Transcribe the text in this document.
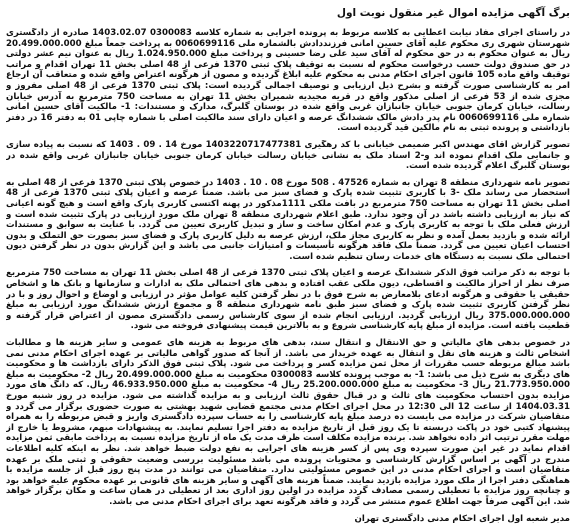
برگ آگهی مزایده اموال غیر منقول نوبت اول

در راستای اجرای مفاد نیابت اعطایی به کلاسه مربوط به پرونده اجرایی به شماره کلاسه 0300083 1403.02.07 صادره از دادگستری شهرستان شهری ری محکوم علیه آقای حسین امانی فرزنددادش بالشماره ملی 0060699116 به پرداخت جمعاً مبلغ 20.499.000.000 ریال به عنوان محکوم به در حق محکوم له آقای سید علی رضا حسینی و پرداخت مبلغ 1.024.950.000 ریال به عنوان نیم عشر دولتی در حق صندوق دولت حسب درخواست محکوم له نسبت به توقیف پلاک ثبتی 1370 فرعی از 48 اصلی بخش 11 تهران اقدام و مراتب توقیف واقع ماده 105 قانون اجرای احکام مدنی به محکوم علیه ابلاغ گردیده و مصون از هرگونه اعتراض واقع شده و متعاقب آن ارجاع امر به کارشناسی صورت گرفته و بشرح ذیل ارزیابی و توصیف اجمالی گردیده است: پلاک ثبتی 1370 فرعی از 48 اصلی مفروز و مجزی شده از 53 فرعی از اصلی مذکور واقع در قریه مجیدیه شمیران بخش 11 تهران به مساحت 750 مترمربع به آدرس خیابان رسالت، خیابان کرمان جنوبی خیابان جانبازان غربی واقع شده در بوستان گلبرگ، مدارک و مستندات: 1- مالکیت آقای حسین امانی شماره ملی 0060699116 نام پدر دادش مالک ششدانگ عرصه و اعیان دارای سند مالکیت اصلی با شماره چاپی 01 به دفتر 16 در دفتر بازداشتی و پرونده ثبتی به نام مالکین قید گردیده است.

تصویر گزارش آقای مهندس اکبر ضمیمی خیابانی با کد رهگیری 1403220717477381 مورخ 14 . 09 . 1403 که نسبت به پیاده سازی و جانمایی ملک اقدام نموده اند و-2 اسناد ملک به نشانی خیابان رسالت خیابان کرمان جنوبی خیابان جانبازان غربی واقع شده در بوستان گلبرگ اعلام گردیده شده است.

تصویر نامه شهرداری منطقه 8 تهران به شماره 47526 . 508 مورخ 08 . 10 . 1403 در خصوص پلاک ثبتی 1370 فرعی از 48 اصلی به استحضار می رساند ملک -3 با کاربری تثبیت شده پارک و فضای سبز می باشد. ضمناً عرصه و اعیان پلاک ثبتی 1370 فرعی از 48 اصلی بخش 11 تهران به مساحت 750 مترمربع در بافت ملکی 1111مذکور در پهنه اکتسی کاربری پارک واقع است و هیچ گونه اعیانی که نیاز به ارزیابی داشته باشد در آن وجود ندارد. طبق اعلام شهرداری منطقه 8 تهران ملک مورد ارزیابی در پارک تثبیت شده است و ارزش فعلی ملک با توجه به کاربری پارک و عدم امکان ساخت و ساز و تبدیل کاربری تعیین می گردد. با عنایت به سوابق و مستندات ارائه شده و بازدید بعمل آمده و نظر به کاربری مجاز ملک، ارزش عرصه به دلیل کاربری پارک و فضای سبز بصورت حق التملک و بدون احتساب اعیان تعیین می گردد. ضمناً ملک فاقد هرگونه تأسیسات و امتیازات جانبی می باشد و این گزارش بدون در نظر گرفتن دیون احتمالی ملک نسبت به دستگاه های خدمات رسان تنظیم شده است.

با توجه به ذکر مراتب فوق الذکر ششدانگ عرصه و اعیان پلاک ثبتی 1370 فرعی از 48 اصلی بخش 11 تهران به مساحت 750 مترمربع صرف نظر از احراز مالکیت و اقساطی، دیون ملکی عقب افتاده و بدهی های احتمالی ملک به ادارات و سازمانها و بانک ها و اشخاص حقیقی یا حقوقی و هرگونه ادعای بلامعارض به شرح فوق با در نظر گرفتن کلیه عوامل مؤثر در ارزیابی و اوضاع و احوال روز و با در نظر گرفتن کاربری تثبیت شده پارک و فضای سبز طبق نامه شهرداری منطقه 8 و مجموع ارزش ششدانگ مورد ارزیابی به مبلغ 375.000.000.000 ریال ارزیابی گردید. ارزیابی انجام شده از سوی کارشناس رسمی دادگستری مصون از اعتراض قرار گرفته و قطعیت یافته است. مزایده از مبلغ پایه کارشناسی شروع و به بالاترین قیمت پیشنهادی فروخته می شود.

در خصوص بدهی هاي مالیاتي و حق الانتقال و انتقال سند، بدهی های مربوط به هزینه های عمومی و سایر هزینه ها و مطالبات اشخاص ثالث و هزینه های نقل و انتقال به عهده خریدار می باشد. از آنجا که صدور گواهی مالیاتی بر عهده اجرای احکام مدنی نمی باشد مبالغ مربوطه حسب مقررات از محل ثمن مزایده کسر و پرداخت می شود. پلاک ثبتی فوق الذکر دارای بازداشت ها و محکومیت های دیگری به شرح ذیل می باشد: 1- به موجب پرونده کلاسه 0300083 محکومیت به مبلغ 20.499.000.000 ریال 2- محکومیت به مبلغ 21.773.950.000 ریال 3- محکومیت به مبلغ 25.200.000.000 ریال 4- محکومیت به مبلغ 46.933.950.000 ریال. که دانگ های مورد مزایده بدون احتساب محکومیت های ثالث و در قبال حقوق ثالث ارزیابی و به مزایده گذاشته می شود. مزایده در روز شنبه مورخ 1404.03.31 از ساعت 12 الی 12:30 در محل اجرای احکام مدنی مجتمع قضایی شهید بهشتی به صورت حضوری برگزار می گردد و متقاضیان شرکت در مزایده می بایست ده درصد مبلغ پایه کارشناسی را به حساب سپرده دادگستری واریز و قبض مربوطه را به همراه پیشنهاد کتبی خود در پاکت دربسته تا یک روز قبل از تاریخ مزایده به دفتر اجرا تسلیم نمایند. به پیشنهادات مبهم، مشروط یا خارج از مهلت مقرر ترتیب اثر داده نخواهد شد. برنده مزایده مکلف است ظرف مدت یک ماه از تاریخ مزایده نسبت به پرداخت مابقی ثمن مزایده اقدام نماید در غیر این صورت سپرده وی پس از کسر هزینه های اجرایی به نفع دولت ضبط خواهد شد. نظر به اینکه کلیه اطلاعات مندرج در آگهی بر اساس گزارش کارشناسی و محتویات پرونده می باشد مسئولیت بررسی وضعیت حقوقی و ثبتی ملک بر عهده متقاضیان است و اجرای احکام مدنی در این خصوص مسئولیتی ندارد. متقاضیان می توانند در مدت پنج روز قبل از جلسه مزایده با هماهنگی دفتر اجرا از ملک مورد مزایده بازدید نمایند. ضمناً هزینه های آگهی و سایر هزینه های قانونی بر عهده محکوم علیه خواهد بود و چنانچه روز مزایده با تعطیلی رسمی مصادف گردد مزایده در اولین روز اداری بعد از تعطیلی در همان ساعت و مکان برگزار خواهد شد. این آگهی صرفاً جهت اطلاع عموم منتشر می گردد و فاقد هرگونه تعهد برای اجرای احکام مدنی می باشد.

مدیر شعبه اول اجرای احکام مدنی دادگستری تهران
